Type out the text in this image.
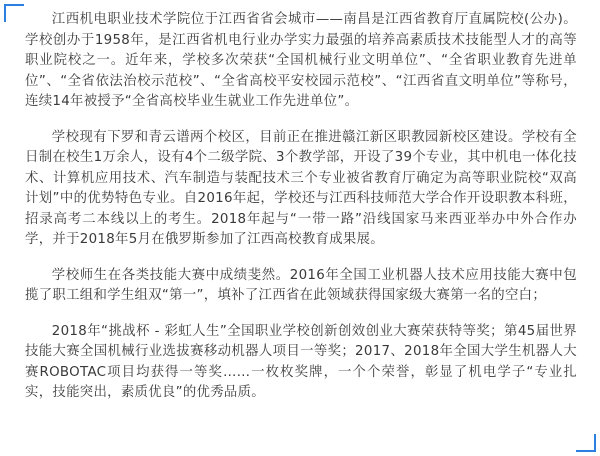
江西机电职业技术学院位于江西省省会城市——南昌是江西省教育厅直属院校(公办)。学校创办于1958年，是江西省机电行业办学实力最强的培养高素质技术技能型人才的高等职业院校之一。近年来，学校多次荣获“全国机械行业文明单位”、“全省职业教育先进单位”、“全省依法治校示范校”、“全省高校平安校园示范校”、“江西省直文明单位”等称号，连续14年被授予“全省高校毕业生就业工作先进单位”。

学校现有下罗和青云谱两个校区，目前正在推进赣江新区职教园新校区建设。学校有全日制在校生1万余人，设有4个二级学院、3个教学部，开设了39个专业，其中机电一体化技术、计算机应用技术、汽车制造与装配技术三个专业被省教育厅确定为高等职业院校“双高计划”中的优势特色专业。自2016年起，学校还与江西科技师范大学合作开设职教本科班，招录高考二本线以上的考生。2018年起与“一带一路”沿线国家马来西亚举办中外合作办学，并于2018年5月在俄罗斯参加了江西高校教育成果展。

学校师生在各类技能大赛中成绩斐然。2016年全国工业机器人技术应用技能大赛中包揽了职工组和学生组双“第一”，填补了江西省在此领域获得国家级大赛第一名的空白；

2018年“挑战杯 - 彩虹人生”全国职业学校创新创效创业大赛荣获特等奖；第45届世界技能大赛全国机械行业选拔赛移动机器人项目一等奖；2017、2018年全国大学生机器人大赛ROBOTAC项目均获得一等奖……一枚枚奖牌，一个个荣誉，彰显了机电学子“专业扎实，技能突出，素质优良”的优秀品质。
